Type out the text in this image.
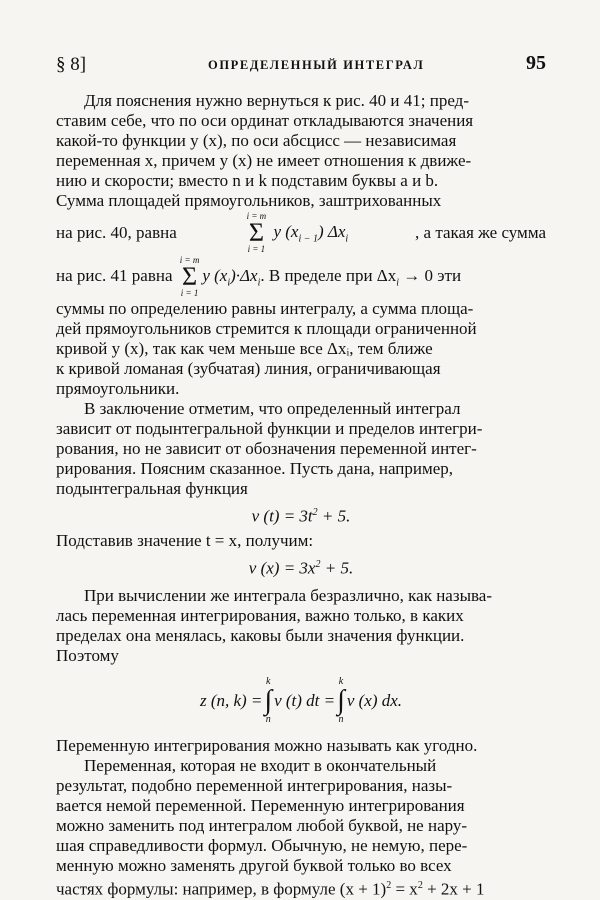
§ 8]	ОПРЕДЕЛЕННЫЙ ИНТЕГРАЛ	95

Для пояснения нужно вернуться к рис. 40 и 41; пред-

ставим себе, что по оси ординат откладываются значения

какой-то функции y (x), по оси абсцисс — независимая

переменная x, причем y (x) не имеет отношения к движе-

нию и скорости; вместо n и k подставим буквы a и b.

Сумма площадей прямоугольников, заштрихованных

на рис. 40, равна
i = m
Σ
i = 1
y $(x_{i - 1})$ $\Delta x_i$	, а такая же сумма
на рис. 41 равна
i = m
Σ
i = 1
y $(x_i)\cdot\Delta x_i$. В пределе при $\Delta x_i \to 0$ эти

суммы по определению равны интегралу, а сумма площа-

дей прямоугольников стремится к площади ограниченной

кривой y (x), так как чем меньше все Δxᵢ, тем ближе

к кривой ломаная (зубчатая) линия, ограничивающая

прямоугольники.

В заключение отметим, что определенный интеграл

зависит от подынтегральной функции и пределов интегри-

рования, но не зависит от обозначения переменной интег-

рирования. Поясним сказанное. Пусть дана, например,

подынтегральная функция

v $(t) = 3t^2 + 5$.

Подставив значение t = x, получим:

v $(x) = 3x^2 + 5$.

При вычислении же интеграла безразлично, как называ-

лась переменная интегрирования, важно только, в каких

пределах она менялась, каковы были значения функции.

Поэтому

z (n, k) =
k
∫
n
v (t) dt =
k
∫
n
v (x) dx.

Переменную интегрирования можно называть как угодно.

Переменная, которая не входит в окончательный

результат, подобно переменной интегрирования, назы-

вается немой переменной. Переменную интегрирования

можно заменить под интегралом любой буквой, не нару-

шая справедливости формул. Обычную, не немую, пере-

менную можно заменять другой буквой только во всех

частях формулы: например, в формуле $(x + 1)^2 = x^2 + 2x + 1$
